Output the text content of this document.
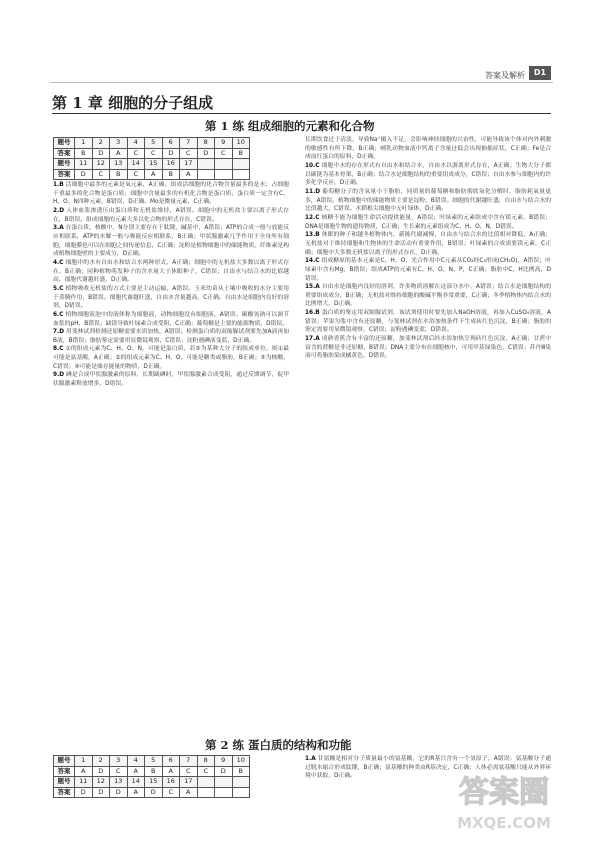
答案及解析	D1
第 1 章 细胞的分子组成
第 1 练 组成细胞的元素和化合物
题号	1	2	3	4	5	6	7	8	9	10
答案	B	D	A	C	C	D	C	D	C	B
题号	11	12	13	14	15	16	17			
答案	D	C	B	C	A	B	A			

1.B 活细胞中最多的元素是氧元素，A正确。组成活细胞的化合物含量最多的是水；占细胞干重最多的化合物是蛋白质；细胞中含量最多的有机化合物是蛋白质，蛋白质一定含有C、H、O、N四种元素，B错误，D正确。Mo是微量元素，C正确。

2.D 人体血浆渗透压由蛋白质和无机盐维持，A错误。细胞中的无机盐主要以离子形式存在，B错误。组成细胞的元素大多以化合物的形式存在，C错误。

3.A 在蛋白质、核酸中，N分别主要存在于肽键、碱基中，A错误；ATP的合成一般与放能反应相联系，ATP的水解一般与吸能反应相联系，B正确；甲状腺激素几乎作用于全身所有细胞，细胞膜也可以在细胞之间传递信息，C正确；淀粉是植物细胞中的储能物质，纤维素是构成植物细胞壁的主要成分，D正确。

4.C 细胞中的水有自由水和结合水两种形式，A正确；细胞中的无机盐大多数以离子形式存在，B正确；同种植物萌发种子的含水量大于休眠种子，C错误；自由水与结合水的比值越高，细胞代谢越旺盛，D正确。

5.C 植物吸收无机盐的方式主要是主动运输，A错误。玉米幼苗从土壤中吸收的水分主要用于蒸腾作用，B错误。细胞代谢越旺盛，自由水含量越高，C正确。自由水是细胞内良好的溶剂，D错误。

6.C 植物细胞液泡中的液体称为细胞液，动物细胞没有细胞液，A错误。碳酸氢钠可以调节血浆的pH，B错误；缺镁导致叶绿素合成受阻，C正确；葡萄糖是主要的能源物质，D错误。

7.D 用斐林试剂检测还原糖需要水浴加热，A错误；检测蛋白质的双缩脲试剂要先加A液再加B液，B错误；脂肪鉴定需要用显微镜观察，C错误；淀粉遇碘液变蓝，D正确。

8.C ①的组成元素为C、H、O、N，可能是蛋白质，若③为某种大分子的组成单位，则①最可能是氨基酸，A正确；②的组成元素为C、H、O，可能是糖类或脂肪，B正确；③为核酸，C错误；④可能是储存能量的物质，D正确。

9.D 碘是合成甲状腺激素的原料，长期缺碘时，甲状腺激素合成受阻，通过反馈调节，促甲状腺激素释放增多，D错误。

长期饮食过于清淡，导致Na⁺摄入不足，会影响神经细胞的兴奋性，可能导致该个体对内外刺激的敏感性有所下降，B正确；哺乳动物血液中钙离子含量过低会出现抽搐症状，C正确；Fe是合成血红蛋白的原料，D正确。

10.C 细胞中水的存在形式有自由水和结合水，自由水以游离形式存在，A正确；生物大分子都以碳链为基本骨架，B正确；结合水是细胞结构的重要组成成分，C错误；自由水参与细胞内的许多化学反应，D正确。

11.D 葡萄糖分子的含氧量小于脂肪，同质量的葡萄糖和脂肪彻底氧化分解时，脂肪耗氧量更多，A错误。植物细胞中的储能物质主要是淀粉，B错误。细胞的代谢越旺盛，自由水与结合水的比值越大，C错误。水稻根尖细胞中无叶绿体，D正确。

12.C 核糖不能为细胞生命活动提供能量，A错误；叶绿素的元素组成中含有镁元素，B错误；DNA是细胞生物的遗传物质，C正确；生长素的元素组成为C、H、O、N，D错误。

13.B 休眠的种子和越冬植物体内，新陈代谢减慢，自由水与结合水的比值相对降低，A正确；无机盐对于维持细胞和生物体的生命活动有重要作用，B错误；叶绿素的合成需要镁元素，C正确；细胞中大多数无机盐以离子的形式存在，D正确。

14.C 组成糖原的基本元素是C、H、O，光合作用中C元素从CO₂经C₃形成(CH₂O)，A错误；叶绿素中含有Mg，B错误；组成ATP的元素有C、H、O、N、P，C正确；脂肪中C、H比例高，D错误。

15.A 自由水是细胞内良好的溶剂，许多物质溶解在这部分水中，A错误；结合水是细胞结构的重要组成成分，B正确；无机盐对维持细胞的酸碱平衡非常重要，C正确；冬季植物体内结合水的比例增大，D正确。

16.B 蛋白质的鉴定用双缩脲试剂，该试剂使用时要先加入NaOH溶液，再加入CuSO₄溶液，A错误；苹果匀浆中含有还原糖，与斐林试剂在水浴加热条件下生成砖红色沉淀，B正确；脂肪的鉴定需要用显微镜观察，C错误；淀粉遇碘变蓝，D错误。

17.A 成熟香蕉含有丰富的还原糖，加斐林试剂后经水浴加热呈现砖红色沉淀，A正确；甘蔗中富含的蔗糖是非还原糖，B错误；DNA主要分布在细胞核中，可用甲基绿染色，C错误；苏丹Ⅲ染液可将脂肪染成橘黄色，D错误。

第 2 练 蛋白质的结构和功能
题号	1	2	3	4	5	6	7	8	9	10
答案	A	D	C	A	B	A	C	C	D	B
题号	11	12	13	14	15	16	17			
答案	D	D	D	A	D	C	A			

1.A 甘氨酸是相对分子质量最小的氨基酸，它的R基只含有一个氢原子，A错误；氨基酸分子通过脱水缩合形成肽键，B正确；氨基酸的种类由R基决定，C正确；人体必需氨基酸只能从外界环境中获取，D正确。	答案圈
MXQE.COM
